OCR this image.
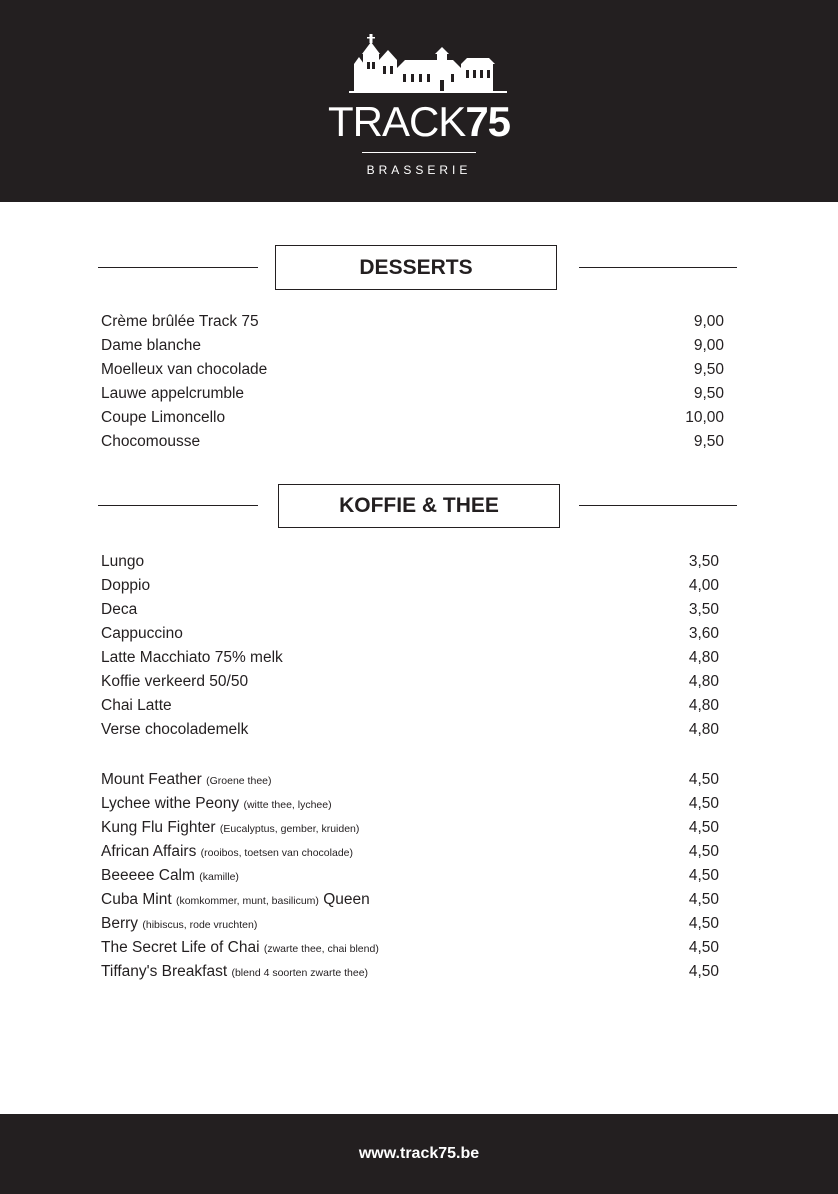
TRACK75
BRASSERIE
DESSERTS
Crème brûlée Track 75	9,00
Dame blanche	9,00
Moelleux van chocolade	9,50
Lauwe appelcrumble	9,50
Coupe Limoncello	10,00
Chocomousse	9,50
KOFFIE & THEE
Lungo	3,50
Doppio	4,00
Deca	3,50
Cappuccino	3,60
Latte Macchiato 75% melk	4,80
Koffie verkeerd 50/50	4,80
Chai Latte	4,80
Verse chocolademelk	4,80
Mount Feather (Groene thee)	4,50
Lychee withe Peony (witte thee, lychee)	4,50
Kung Flu Fighter (Eucalyptus, gember, kruiden)	4,50
African Affairs (rooibos, toetsen van chocolade)	4,50
Beeeee Calm (kamille)	4,50
Cuba Mint (komkommer, munt, basilicum) Queen	4,50
Berry (hibiscus, rode vruchten)	4,50
The Secret Life of Chai (zwarte thee, chai blend)	4,50
Tiffany's Breakfast (blend 4 soorten zwarte thee)	4,50
www.track75.be
